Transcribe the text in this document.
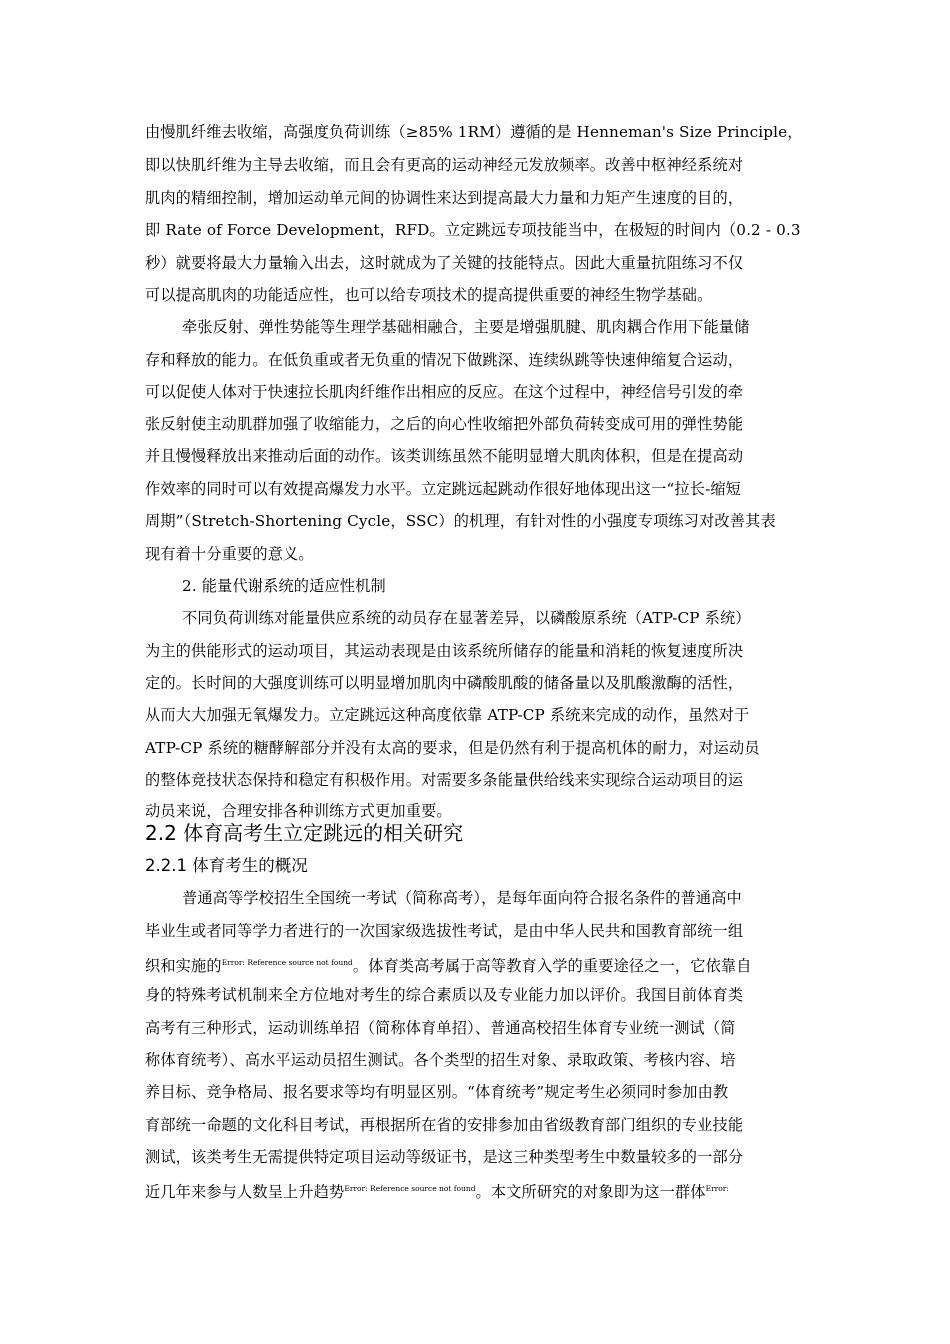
由慢肌纤维去收缩，高强度负荷训练（≥85% 1RM）遵循的是 Henneman's Size Principle，
即以快肌纤维为主导去收缩，而且会有更高的运动神经元发放频率。改善中枢神经系统对
肌肉的精细控制，增加运动单元间的协调性来达到提高最大力量和力矩产生速度的目的，
即 Rate of Force Development，RFD。立定跳远专项技能当中，在极短的时间内（0.2 - 0.3
秒）就要将最大力量输入出去，这时就成为了关键的技能特点。因此大重量抗阻练习不仅
可以提高肌肉的功能适应性，也可以给专项技术的提高提供重要的神经生物学基础。
牵张反射、弹性势能等生理学基础相融合，主要是增强肌腱、肌肉耦合作用下能量储
存和释放的能力。在低负重或者无负重的情况下做跳深、连续纵跳等快速伸缩复合运动，
可以促使人体对于快速拉长肌肉纤维作出相应的反应。在这个过程中，神经信号引发的牵
张反射使主动肌群加强了收缩能力，之后的向心性收缩把外部负荷转变成可用的弹性势能
并且慢慢释放出来推动后面的动作。该类训练虽然不能明显增大肌肉体积，但是在提高动
作效率的同时可以有效提高爆发力水平。立定跳远起跳动作很好地体现出这一“拉长-缩短
周期”（Stretch-Shortening Cycle，SSC）的机理，有针对性的小强度专项练习对改善其表
现有着十分重要的意义。
2. 能量代谢系统的适应性机制
不同负荷训练对能量供应系统的动员存在显著差异，以磷酸原系统（ATP-CP 系统）
为主的供能形式的运动项目，其运动表现是由该系统所储存的能量和消耗的恢复速度所决
定的。长时间的大强度训练可以明显增加肌肉中磷酸肌酸的储备量以及肌酸激酶的活性，
从而大大加强无氧爆发力。立定跳远这种高度依靠 ATP-CP 系统来完成的动作，虽然对于
ATP-CP 系统的糖酵解部分并没有太高的要求，但是仍然有利于提高机体的耐力，对运动员
的整体竞技状态保持和稳定有积极作用。对需要多条能量供给线来实现综合运动项目的运
动员来说，合理安排各种训练方式更加重要。
2.2 体育高考生立定跳远的相关研究
2.2.1 体育考生的概况
普通高等学校招生全国统一考试（简称高考），是每年面向符合报名条件的普通高中
毕业生或者同等学力者进行的一次国家级选拔性考试，是由中华人民共和国教育部统一组
织和实施的$^{Error: Reference source not found}$。体育类高考属于高等教育入学的重要途径之一，它依靠自
身的特殊考试机制来全方位地对考生的综合素质以及专业能力加以评价。我国目前体育类
高考有三种形式，运动训练单招（简称体育单招）、普通高校招生体育专业统一测试（简
称体育统考）、高水平运动员招生测试。各个类型的招生对象、录取政策、考核内容、培
养目标、竞争格局、报名要求等均有明显区别。“体育统考”规定考生必须同时参加由教
育部统一命题的文化科目考试，再根据所在省的安排参加由省级教育部门组织的专业技能
测试，该类考生无需提供特定项目运动等级证书，是这三种类型考生中数量较多的一部分
近几年来参与人数呈上升趋势$^{Error: Reference source not found}$。本文所研究的对象即为这一群体$^{Error:}$
